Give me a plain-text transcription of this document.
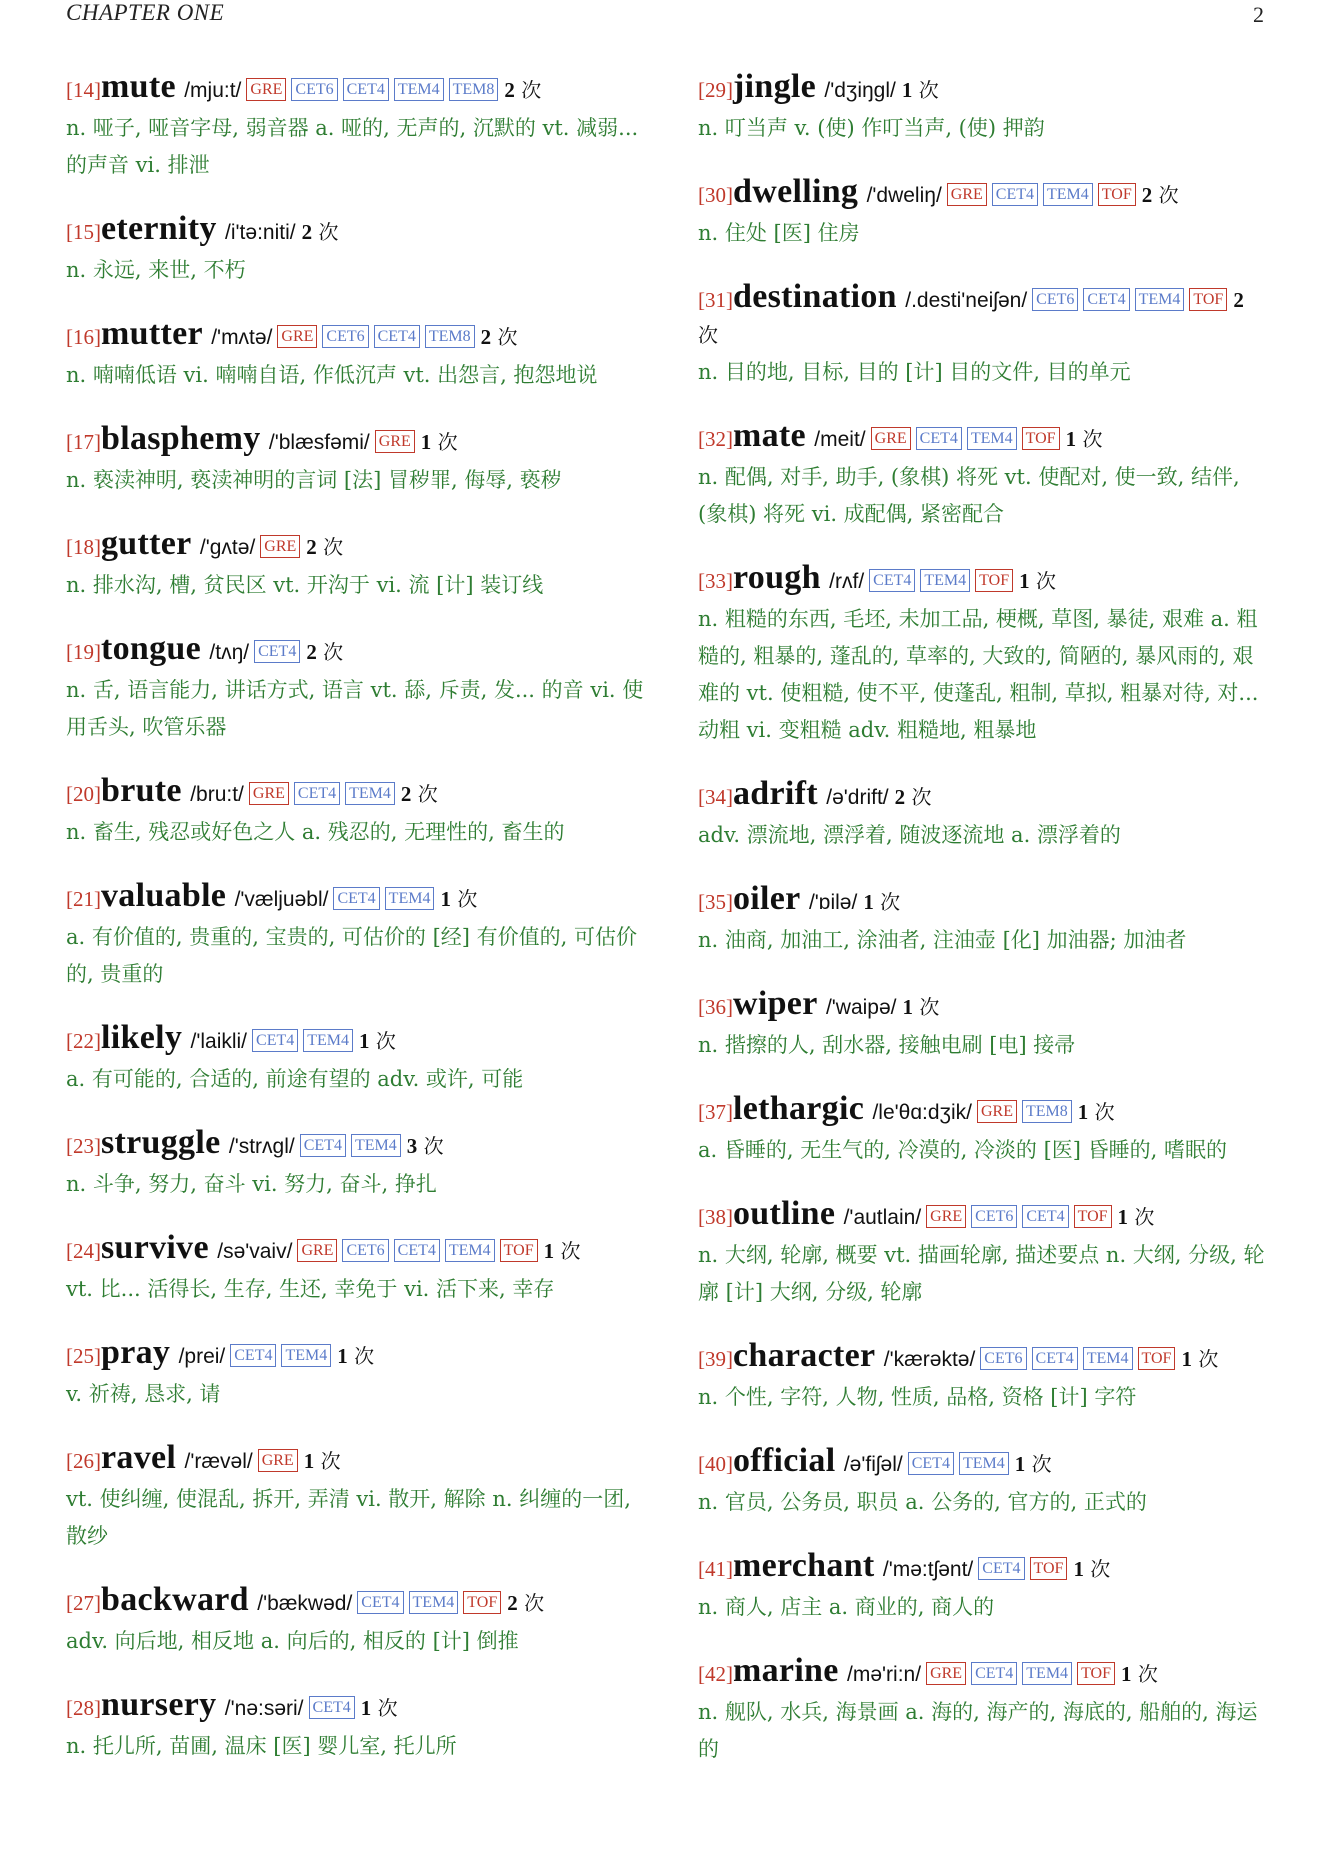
CHAPTER ONE	2
[14]mute /mju:t/ GRE CET6 CET4 TEM4 TEM8 2 次
n. 哑子, 哑音字母, 弱音器 a. 哑的, 无声的, 沉默的 vt. 减弱... 的声音 vi. 排泄
[15]eternity /i'tə:niti/ 2 次
n. 永远, 来世, 不朽
[16]mutter /'mʌtə/ GRE CET6 CET4 TEM8 2 次
n. 喃喃低语 vi. 喃喃自语, 作低沉声 vt. 出怨言, 抱怨地说
[17]blasphemy /'blæsfəmi/ GRE 1 次
n. 亵渎神明, 亵渎神明的言词 [法] 冒秽罪, 侮辱, 亵秽
[18]gutter /'gʌtə/ GRE 2 次
n. 排水沟, 槽, 贫民区 vt. 开沟于 vi. 流 [计] 装订线
[19]tongue /tʌŋ/ CET4 2 次
n. 舌, 语言能力, 讲话方式, 语言 vt. 舔, 斥责, 发... 的音 vi. 使用舌头, 吹管乐器
[20]brute /bru:t/ GRE CET4 TEM4 2 次
n. 畜生, 残忍或好色之人 a. 残忍的, 无理性的, 畜生的
[21]valuable /'væljuəbl/ CET4 TEM4 1 次
a. 有价值的, 贵重的, 宝贵的, 可估价的 [经] 有价值的, 可估价的, 贵重的
[22]likely /'laikli/ CET4 TEM4 1 次
a. 有可能的, 合适的, 前途有望的 adv. 或许, 可能
[23]struggle /'strʌgl/ CET4 TEM4 3 次
n. 斗争, 努力, 奋斗 vi. 努力, 奋斗, 挣扎
[24]survive /sə'vaiv/ GRE CET6 CET4 TEM4 TOF 1 次
vt. 比... 活得长, 生存, 生还, 幸免于 vi. 活下来, 幸存
[25]pray /prei/ CET4 TEM4 1 次
v. 祈祷, 恳求, 请
[26]ravel /'rævəl/ GRE 1 次
vt. 使纠缠, 使混乱, 拆开, 弄清 vi. 散开, 解除 n. 纠缠的一团, 散纱
[27]backward /'bækwəd/ CET4 TEM4 TOF 2 次
adv. 向后地, 相反地 a. 向后的, 相反的 [计] 倒推
[28]nursery /'nə:səri/ CET4 1 次
n. 托儿所, 苗圃, 温床 [医] 婴儿室, 托儿所
[29]jingle /'dʒiŋgl/ 1 次
n. 叮当声 v. (使) 作叮当声, (使) 押韵
[30]dwelling /'dweliŋ/ GRE CET4 TEM4 TOF 2 次
n. 住处 [医] 住房
[31]destination /.desti'neiʃən/ CET6 CET4 TEM4 TOF 2 次
n. 目的地, 目标, 目的 [计] 目的文件, 目的单元
[32]mate /meit/ GRE CET4 TEM4 TOF 1 次
n. 配偶, 对手, 助手, (象棋) 将死 vt. 使配对, 使一致, 结伴, (象棋) 将死 vi. 成配偶, 紧密配合
[33]rough /rʌf/ CET4 TEM4 TOF 1 次
n. 粗糙的东西, 毛坯, 未加工品, 梗概, 草图, 暴徒, 艰难 a. 粗糙的, 粗暴的, 蓬乱的, 草率的, 大致的, 简陋的, 暴风雨的, 艰难的 vt. 使粗糙, 使不平, 使蓬乱, 粗制, 草拟, 粗暴对待, 对... 动粗 vi. 变粗糙 adv. 粗糙地, 粗暴地
[34]adrift /ə'drift/ 2 次
adv. 漂流地, 漂浮着, 随波逐流地 a. 漂浮着的
[35]oiler /'ɒilə/ 1 次
n. 油商, 加油工, 涂油者, 注油壶 [化] 加油器; 加油者
[36]wiper /'waipə/ 1 次
n. 揩擦的人, 刮水器, 接触电刷 [电] 接帚
[37]lethargic /le'θɑ:dʒik/ GRE TEM8 1 次
a. 昏睡的, 无生气的, 冷漠的, 冷淡的 [医] 昏睡的, 嗜眠的
[38]outline /'autlain/ GRE CET6 CET4 TOF 1 次
n. 大纲, 轮廓, 概要 vt. 描画轮廓, 描述要点 n. 大纲, 分级, 轮廓 [计] 大纲, 分级, 轮廓
[39]character /'kærəktə/ CET6 CET4 TEM4 TOF 1 次
n. 个性, 字符, 人物, 性质, 品格, 资格 [计] 字符
[40]official /ə'fiʃəl/ CET4 TEM4 1 次
n. 官员, 公务员, 职员 a. 公务的, 官方的, 正式的
[41]merchant /'mə:tʃənt/ CET4 TOF 1 次
n. 商人, 店主 a. 商业的, 商人的
[42]marine /mə'ri:n/ GRE CET4 TEM4 TOF 1 次
n. 舰队, 水兵, 海景画 a. 海的, 海产的, 海底的, 船舶的, 海运的
